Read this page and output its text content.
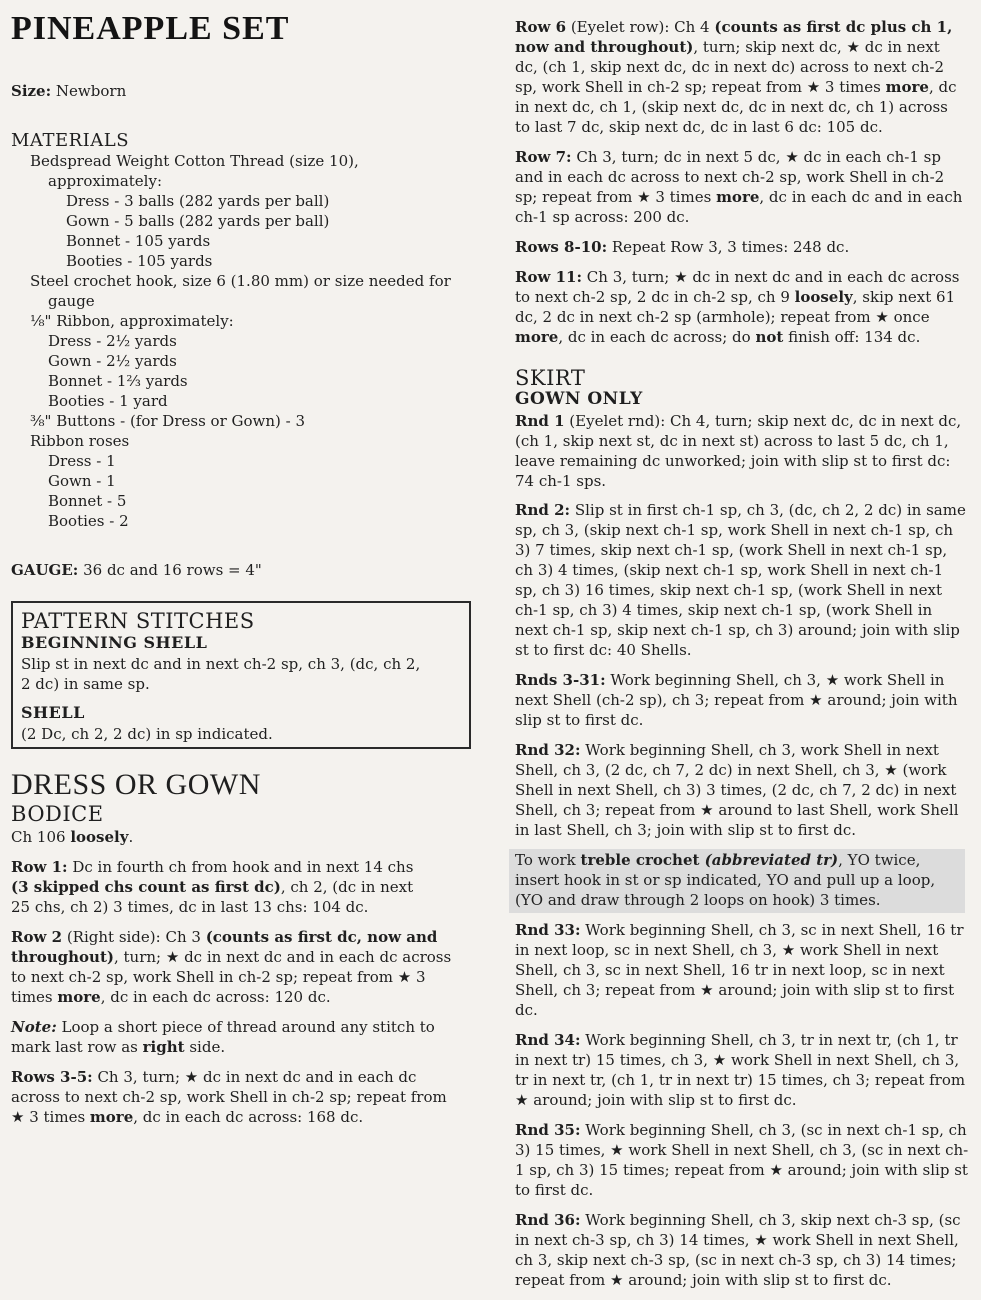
PINEAPPLE SET
Size: Newborn
MATERIALS
Bedspread Weight Cotton Thread (size 10),
approximately:
Dress - 3 balls (282 yards per ball)
Gown - 5 balls (282 yards per ball)
Bonnet - 105 yards
Booties - 105 yards
Steel crochet hook, size 6 (1.80 mm) or size needed for
gauge
⅛" Ribbon, approximately:
Dress - 2½ yards
Gown - 2½ yards
Bonnet - 1⅔ yards
Booties - 1 yard
⅜" Buttons - (for Dress or Gown) - 3
Ribbon roses
Dress - 1
Gown - 1
Bonnet - 5
Booties - 2
GAUGE: 36 dc and 16 rows = 4"
PATTERN STITCHES
BEGINNING SHELL
Slip st in next dc and in next ch-2 sp, ch 3, (dc, ch 2,
2 dc) in same sp.
SHELL
(2 Dc, ch 2, 2 dc) in sp indicated.
DRESS OR GOWN
BODICE
Ch 106 loosely.
Row 1: Dc in fourth ch from hook and in next 14 chs (3 skipped chs count as first dc), ch 2, (dc in next 25 chs, ch 2) 3 times, dc in last 13 chs: 104 dc.
Row 2 (Right side): Ch 3 (counts as first dc, now and throughout), turn; ★ dc in next dc and in each dc across to next ch-2 sp, work Shell in ch-2 sp; repeat from ★ 3 times more, dc in each dc across: 120 dc.
Note: Loop a short piece of thread around any stitch to mark last row as right side.
Rows 3-5: Ch 3, turn; ★ dc in next dc and in each dc across to next ch-2 sp, work Shell in ch-2 sp; repeat from ★ 3 times more, dc in each dc across: 168 dc.
Row 6 (Eyelet row): Ch 4 (counts as first dc plus ch 1, now and throughout), turn; skip next dc, ★ dc in next dc, (ch 1, skip next dc, dc in next dc) across to next ch-2 sp, work Shell in ch-2 sp; repeat from ★ 3 times more, dc in next dc, ch 1, (skip next dc, dc in next dc, ch 1) across to last 7 dc, skip next dc, dc in last 6 dc: 105 dc.
Row 7: Ch 3, turn; dc in next 5 dc, ★ dc in each ch-1 sp and in each dc across to next ch-2 sp, work Shell in ch-2 sp; repeat from ★ 3 times more, dc in each dc and in each ch-1 sp across: 200 dc.
Rows 8-10: Repeat Row 3, 3 times: 248 dc.
Row 11: Ch 3, turn; ★ dc in next dc and in each dc across to next ch-2 sp, 2 dc in ch-2 sp, ch 9 loosely, skip next 61 dc, 2 dc in next ch-2 sp (armhole); repeat from ★ once more, dc in each dc across; do not finish off: 134 dc.
SKIRT
GOWN ONLY
Rnd 1 (Eyelet rnd): Ch 4, turn; skip next dc, dc in next dc, (ch 1, skip next st, dc in next st) across to last 5 dc, ch 1, leave remaining dc unworked; join with slip st to first dc: 74 ch-1 sps.
Rnd 2: Slip st in first ch-1 sp, ch 3, (dc, ch 2, 2 dc) in same sp, ch 3, (skip next ch-1 sp, work Shell in next ch-1 sp, ch 3) 7 times, skip next ch-1 sp, (work Shell in next ch-1 sp, ch 3) 4 times, (skip next ch-1 sp, work Shell in next ch-1 sp, ch 3) 16 times, skip next ch-1 sp, (work Shell in next ch-1 sp, ch 3) 4 times, skip next ch-1 sp, (work Shell in next ch-1 sp, skip next ch-1 sp, ch 3) around; join with slip st to first dc: 40 Shells.
Rnds 3-31: Work beginning Shell, ch 3, ★ work Shell in next Shell (ch-2 sp), ch 3; repeat from ★ around; join with slip st to first dc.
Rnd 32: Work beginning Shell, ch 3, work Shell in next Shell, ch 3, (2 dc, ch 7, 2 dc) in next Shell, ch 3, ★ (work Shell in next Shell, ch 3) 3 times, (2 dc, ch 7, 2 dc) in next Shell, ch 3; repeat from ★ around to last Shell, work Shell in last Shell, ch 3; join with slip st to first dc.
To work treble crochet (abbreviated tr), YO twice, insert hook in st or sp indicated, YO and pull up a loop, (YO and draw through 2 loops on hook) 3 times.
Rnd 33: Work beginning Shell, ch 3, sc in next Shell, 16 tr in next loop, sc in next Shell, ch 3, ★ work Shell in next Shell, ch 3, sc in next Shell, 16 tr in next loop, sc in next Shell, ch 3; repeat from ★ around; join with slip st to first dc.
Rnd 34: Work beginning Shell, ch 3, tr in next tr, (ch 1, tr in next tr) 15 times, ch 3, ★ work Shell in next Shell, ch 3, tr in next tr, (ch 1, tr in next tr) 15 times, ch 3; repeat from ★ around; join with slip st to first dc.
Rnd 35: Work beginning Shell, ch 3, (sc in next ch-1 sp, ch 3) 15 times, ★ work Shell in next Shell, ch 3, (sc in next ch-1 sp, ch 3) 15 times; repeat from ★ around; join with slip st to first dc.
Rnd 36: Work beginning Shell, ch 3, skip next ch-3 sp, (sc in next ch-3 sp, ch 3) 14 times, ★ work Shell in next Shell, ch 3, skip next ch-3 sp, (sc in next ch-3 sp, ch 3) 14 times; repeat from ★ around; join with slip st to first dc.
